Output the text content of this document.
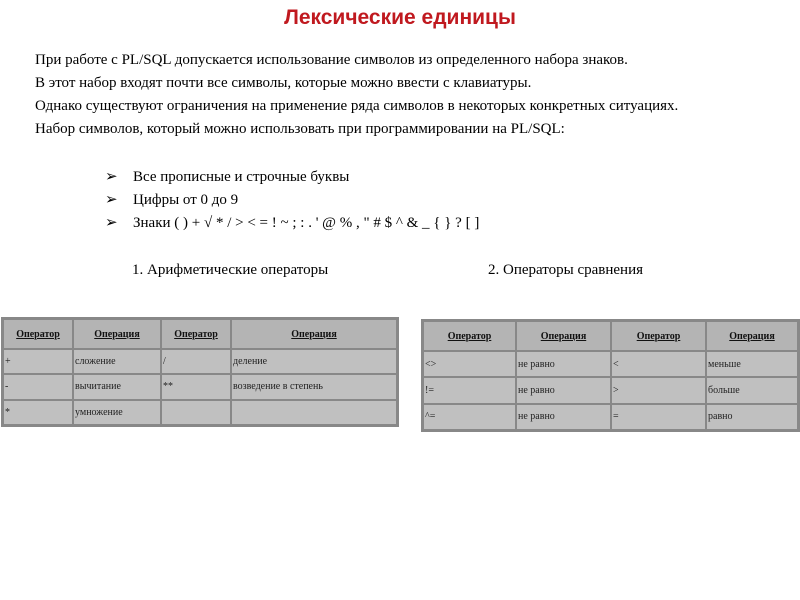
Лексические единицы
При работе с PL/SQL допускается использование символов из определенного набора знаков.
В этот набор входят почти все символы, которые можно ввести с клавиатуры.
Однако существуют ограничения на применение ряда символов в некоторых конкретных ситуациях.
Набор символов, который можно использовать при программировании на PL/SQL:
➢ Все прописные и строчные буквы
➢ Цифры от 0 до 9
➢ Знаки ( ) + √ * / > < = ! ~ ; : . ' @ % , " # $ ^ & _ { } ? [ ]
1. Арифметические операторы	2. Операторы сравнения
Оператор	Операция	Оператор	Операция
+	сложение	/	деление
-	вычитание	**	возведение в степень
*	умножение		
Оператор	Операция	Оператор	Операция
<>	не равно	<	меньше
!=	не равно	>	больше
^=	не равно	=	равно
